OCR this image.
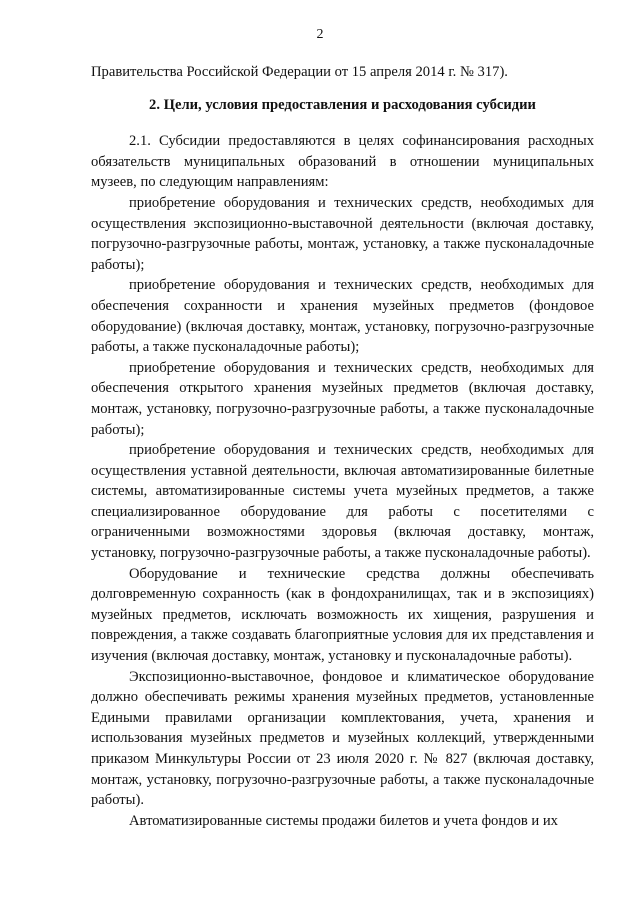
2

Правительства Российской Федерации от 15 апреля 2014 г. № 317).

2. Цели, условия предоставления и расходования субсидии

2.1. Субсидии предоставляются в целях софинансирования расходных обязательств муниципальных образований в отношении муниципальных музеев, по следующим направлениям:

приобретение оборудования и технических средств, необходимых для осуществления экспозиционно-выставочной деятельности (включая доставку, погрузочно-разгрузочные работы, монтаж, установку, а также пусконаладочные работы);

приобретение оборудования и технических средств, необходимых для обеспечения сохранности и хранения музейных предметов (фондовое оборудование) (включая доставку, монтаж, установку, погрузочно-разгрузочные работы, а также пусконаладочные работы);

приобретение оборудования и технических средств, необходимых для обеспечения открытого хранения музейных предметов (включая доставку, монтаж, установку, погрузочно-разгрузочные работы, а также пусконаладочные работы);

приобретение оборудования и технических средств, необходимых для осуществления уставной деятельности, включая автоматизированные билетные системы, автоматизированные системы учета музейных предметов, а также специализированное оборудование для работы с посетителями с ограниченными возможностями здоровья (включая доставку, монтаж, установку, погрузочно-разгрузочные работы, а также пусконаладочные работы).

Оборудование и технические средства должны обеспечивать долговременную сохранность (как в фондохранилищах, так и в экспозициях) музейных предметов, исключать возможность их хищения, разрушения и повреждения, а также создавать благоприятные условия для их представления и изучения (включая доставку, монтаж, установку и пусконаладочные работы).

Экспозиционно-выставочное, фондовое и климатическое оборудование должно обеспечивать режимы хранения музейных предметов, установленные Едиными правилами организации комплектования, учета, хранения и использования музейных предметов и музейных коллекций, утвержденными приказом Минкультуры России от 23 июля 2020 г. № 827 (включая доставку, монтаж, установку, погрузочно-разгрузочные работы, а также пусконаладочные работы).

Автоматизированные системы продажи билетов и учета фондов и их
